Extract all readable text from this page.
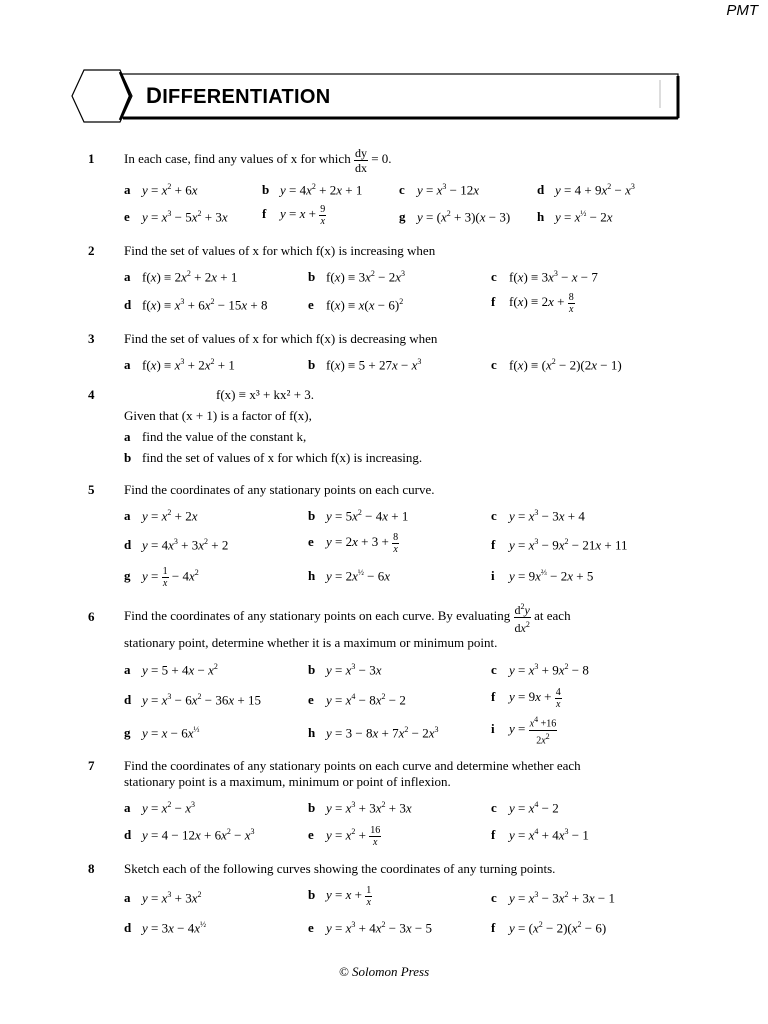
PMT
DIFFERENTIATION
1 In each case, find any values of x for which $\frac{dy}{dx} = 0$.
a $y = x^2 + 6x$	b $y = 4x^2 + 2x + 1$	c $y = x^3 - 12x$	d $y = 4 + 9x^2 - x^3$
e $y = x^3 - 5x^2 + 3x$	f $y = x + \frac{9}{x}$	g $y = (x^2 + 3)(x - 3)$ h $y = x^{\frac{1}{2}} - 2x$
2 Find the set of values of x for which f(x) is increasing when
a $f(x) \equiv 2x^2 + 2x + 1$	b $f(x) \equiv 3x^2 - 2x^3$	c $f(x) \equiv 3x^3 - x - 7$
d $f(x) \equiv x^3 + 6x^2 - 15x + 8$	e $f(x) \equiv x(x - 6)^2$	f $f(x) \equiv 2x + \frac{8}{x}$
3 Find the set of values of x for which f(x) is decreasing when
a $f(x) \equiv x^3 + 2x^2 + 1$	b $f(x) \equiv 5 + 27x - x^3$	c $f(x) \equiv (x^2 - 2)(2x - 1)$
4	f(x) ≡ x³ + kx² + 3.
Given that (x + 1) is a factor of f(x),
a find the value of the constant k,
b find the set of values of x for which f(x) is increasing.
5 Find the coordinates of any stationary points on each curve.
a $y = x^2 + 2x$	b $y = 5x^2 - 4x + 1$	c $y = x^3 - 3x + 4$
d $y = 4x^3 + 3x^2 + 2$	e $y = 2x + 3 + \frac{8}{x}$	f $y = x^3 - 9x^2 - 21x + 11$
g $y = \frac{1}{x} - 4x^2$	h $y = 2x^{\frac{1}{2}} - 6x$	i $y = 9x^{\frac{2}{3}} - 2x + 5$
6 Find the coordinates of any stationary points on each curve. By evaluating $\frac{d^2y}{dx^2}$ at each
stationary point, determine whether it is a maximum or minimum point.
a $y = 5 + 4x - x^2$	b $y = x^3 - 3x$	c $y = x^3 + 9x^2 - 8$
d $y = x^3 - 6x^2 - 36x + 15$	e $y = x^4 - 8x^2 - 2$	f $y = 9x + \frac{4}{x}$
g $y = x - 6x^{\frac{1}{3}}$	h $y = 3 - 8x + 7x^2 - 2x^3$	i $y = \frac{x^4 +16}{2x^2}$
7 Find the coordinates of any stationary points on each curve and determine whether each
stationary point is a maximum, minimum or point of inflexion.
a $y = x^2 - x^3$	b $y = x^3 + 3x^2 + 3x$	c $y = x^4 - 2$
d $y = 4 - 12x + 6x^2 - x^3$	e $y = x^2 + \frac{16}{x}$	f $y = x^4 + 4x^3 - 1$
8 Sketch each of the following curves showing the coordinates of any turning points.
a $y = x^3 + 3x^2$	b $y = x + \frac{1}{x}$	c $y = x^3 - 3x^2 + 3x - 1$
d $y = 3x - 4x^{\frac{1}{2}}$	e $y = x^3 + 4x^2 - 3x - 5$	f $y = (x^2 - 2)(x^2 - 6)$
© Solomon Press
